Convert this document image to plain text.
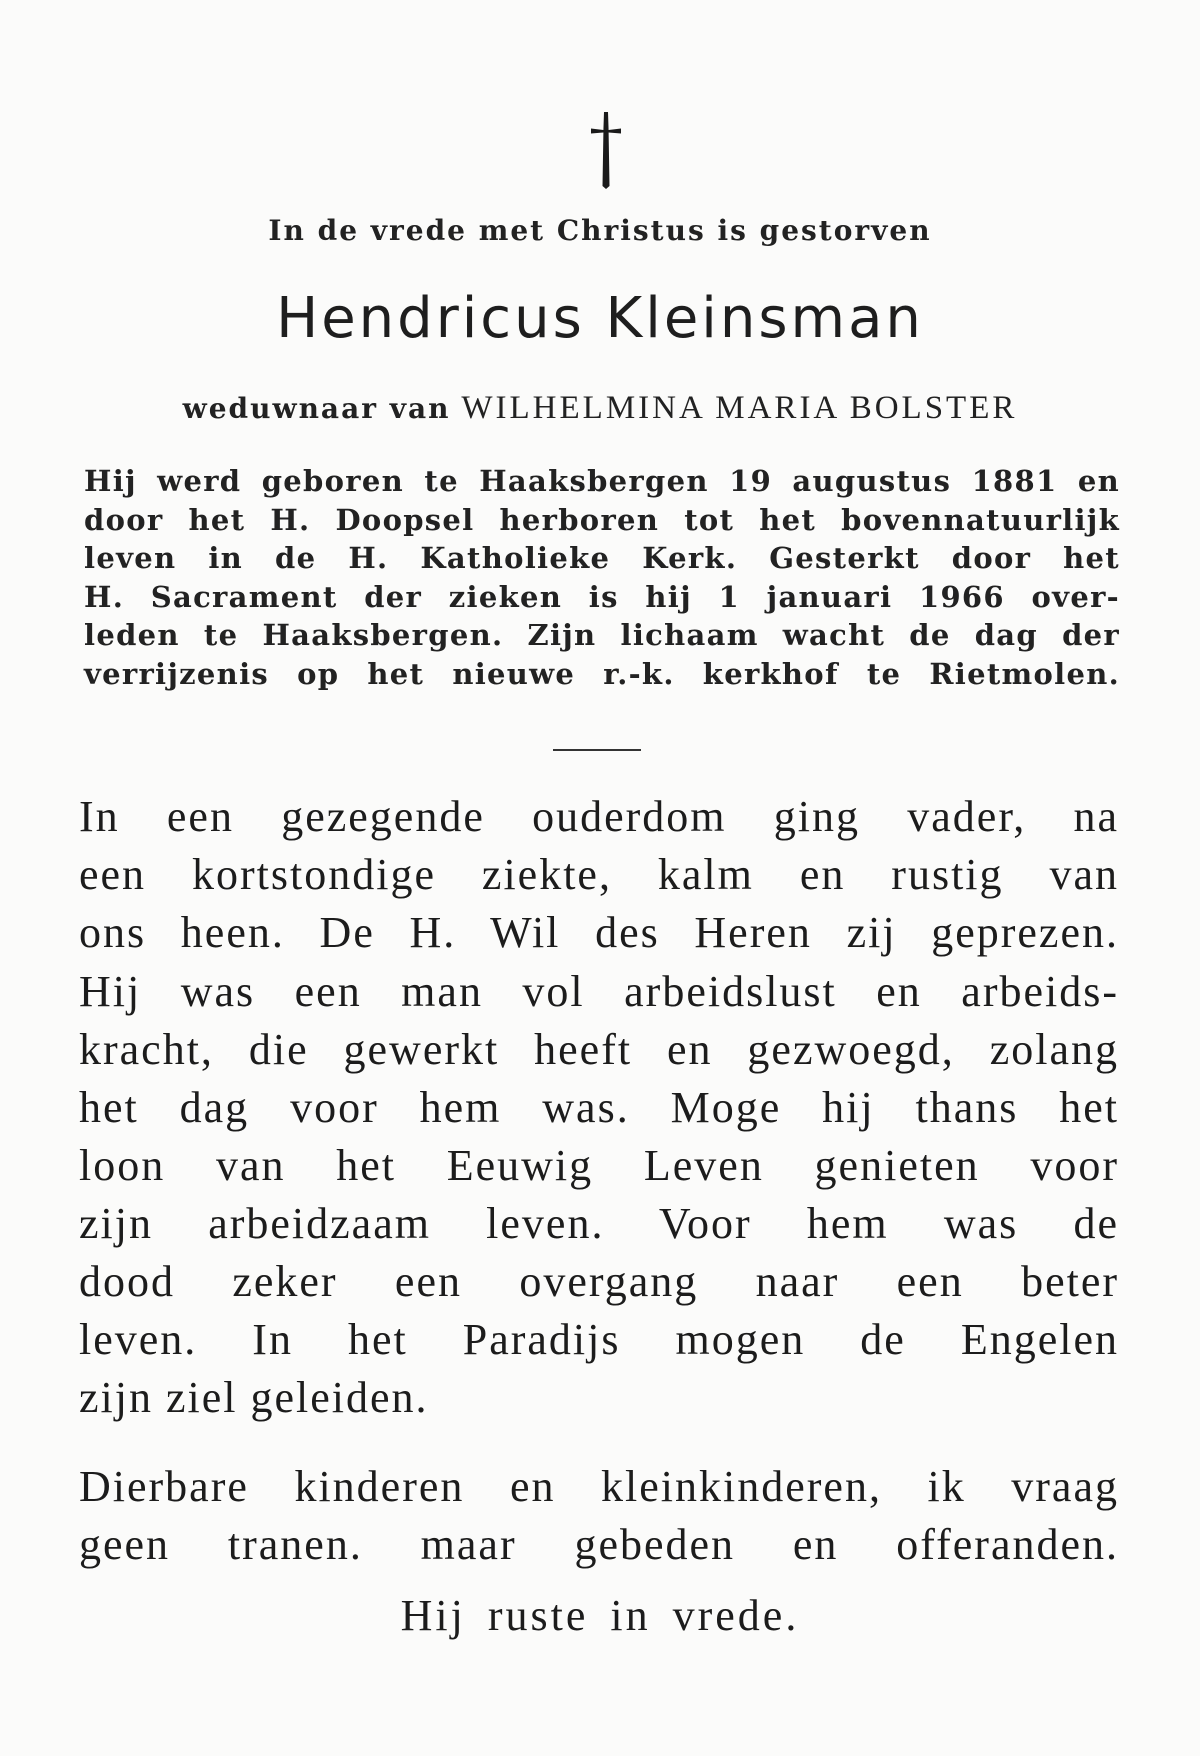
In de vrede met Christus is gestorven
Hendricus Kleinsman
weduwnaar van WILHELMINA MARIA BOLSTER
Hij werd geboren te Haaksbergen 19 augustus 1881 en
door het H. Doopsel herboren tot het bovennatuurlijk
leven in de H. Katholieke Kerk. Gesterkt door het
H. Sacrament der zieken is hij 1 januari 1966 over-
leden te Haaksbergen. Zijn lichaam wacht de dag der
verrijzenis op het nieuwe r.-k. kerkhof te Rietmolen.
In een gezegende ouderdom ging vader, na
een kortstondige ziekte, kalm en rustig van
ons heen. De H. Wil des Heren zij geprezen.
Hij was een man vol arbeidslust en arbeids-
kracht, die gewerkt heeft en gezwoegd, zolang
het dag voor hem was. Moge hij thans het
loon van het Eeuwig Leven genieten voor
zijn arbeidzaam leven. Voor hem was de
dood zeker een overgang naar een beter
leven. In het Paradijs mogen de Engelen
zijn ziel geleiden.
Dierbare kinderen en kleinkinderen, ik vraag
geen tranen. maar gebeden en offeranden.
Hij ruste in vrede.
